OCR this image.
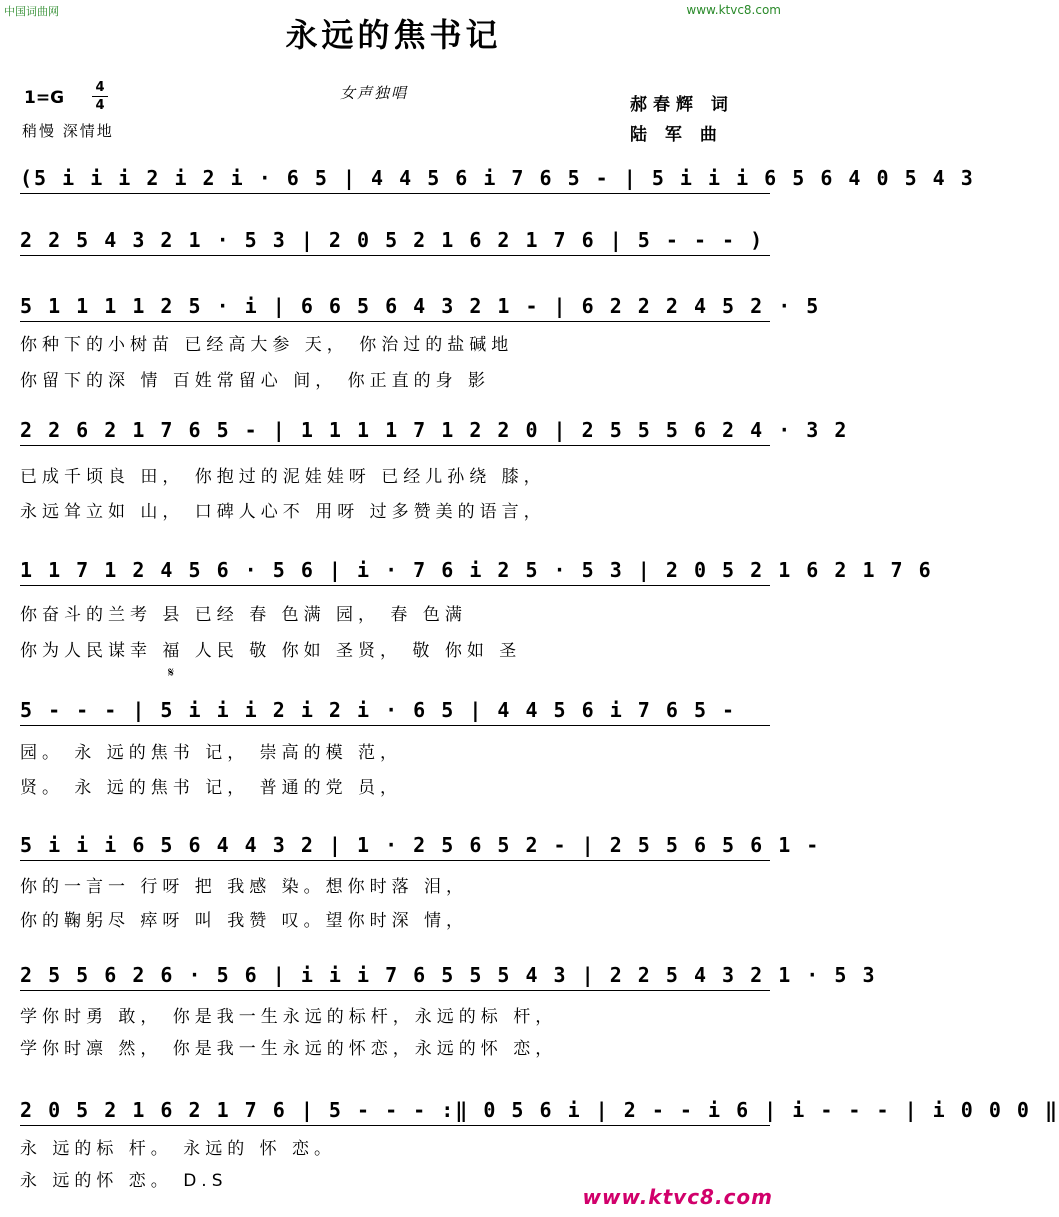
中国词曲网	www.ktvc8.com
永远的焦书记
1=G
4
4
稍慢 深情地
女声独唱
郝春辉 词
陆 军 曲
(5 i i i 2 i 2 i · 6 5 | 4 4 5 6 i 7 6 5 - | 5 i i i 6 5 6 4 0 5 4 3
2 2 5 4 3 2 1 · 5 3 | 2 0 5 2 1 6 2 1 7 6 | 5 - - - )
5 1 1 1 1 2 5 · i | 6 6 5 6 4 3 2 1 - | 6 2 2 2 4 5 2 · 5
你种下的小树苗 已经高大参 天， 你治过的盐碱地
你留下的深 情 百姓常留心 间， 你正直的身 影
2 2 6 2 1 7 6 5 - | 1 1 1 1 7 1 2 2 0 | 2 5 5 5 6 2 4 · 3 2
已成千顷良 田， 你抱过的泥娃娃呀 已经儿孙绕 膝，
永远耸立如 山， 口碑人心不 用呀 过多赞美的语言，
1 1 7 1 2 4 5 6 · 5 6 | i · 7 6 i 2 5 · 5 3 | 2 0 5 2 1 6 2 1 7 6
你奋斗的兰考 县 已经 春 色满 园， 春 色满
你为人民谋幸 福 人民 敬 你如 圣贤， 敬 你如 圣
𝄋
5 - - - | 5 i i i 2 i 2 i · 6 5 | 4 4 5 6 i 7 6 5 -
园。 永 远的焦书 记， 崇高的模 范，
贤。 永 远的焦书 记， 普通的党 员，
5 i i i 6 5 6 4 4 3 2 | 1 · 2 5 6 5 2 - | 2 5 5 6 5 6 1 -
你的一言一 行呀 把 我感 染。想你时落 泪，
你的鞠躬尽 瘁呀 叫 我赞 叹。望你时深 情，
2 5 5 6 2 6 · 5 6 | i i i 7 6 5 5 5 4 3 | 2 2 5 4 3 2 1 · 5 3
学你时勇 敢， 你是我一生永远的标杆，永远的标 杆，
学你时凛 然， 你是我一生永远的怀恋，永远的怀 恋，
2 0 5 2 1 6 2 1 7 6 | 5 - - - :‖ 0 5 6 i | 2 - - i 6 | i - - - | i 0 0 0 ‖
永 远的标 杆。 永远的 怀 恋。
永 远的怀 恋。 D.S
www.ktvc8.com
